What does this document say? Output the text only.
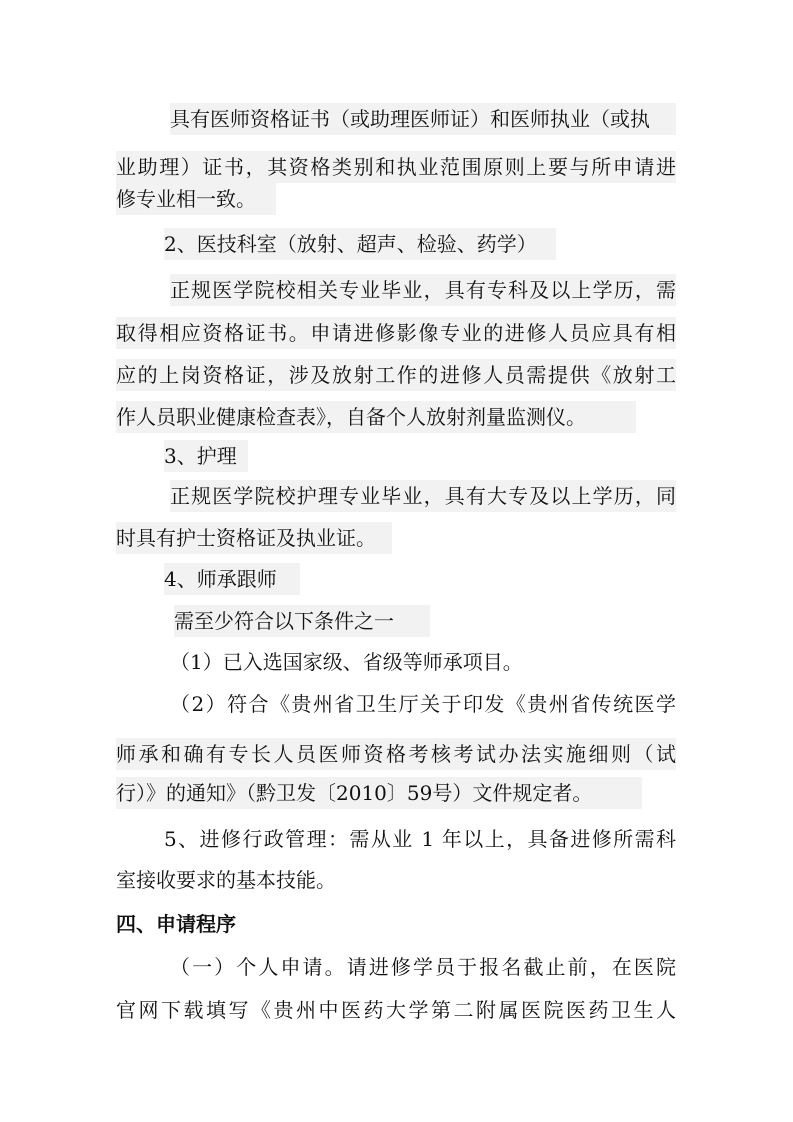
具有医师资格证书（或助理医师证）和医师执业（或执
业助理）证书，其资格类别和执业范围原则上要与所申请进
修专业相一致。
2、医技科室（放射、超声、检验、药学）
正规医学院校相关专业毕业，具有专科及以上学历，需
取得相应资格证书。申请进修影像专业的进修人员应具有相
应的上岗资格证，涉及放射工作的进修人员需提供《放射工
作人员职业健康检查表》，自备个人放射剂量监测仪。
3、护理
正规医学院校护理专业毕业，具有大专及以上学历，同
时具有护士资格证及执业证。
4、师承跟师
需至少符合以下条件之一
（1）已入选国家级、省级等师承项目。
（2）符合《贵州省卫生厅关于印发《贵州省传统医学
师承和确有专长人员医师资格考核考试办法实施细则（试
行）》的通知》（黔卫发〔2010〕59号）文件规定者。
5、进修行政管理：需从业 1 年以上，具备进修所需科
室接收要求的基本技能。
四、申请程序
（一）个人申请。请进修学员于报名截止前，在医院
官网下载填写《贵州中医药大学第二附属医院医药卫生人
